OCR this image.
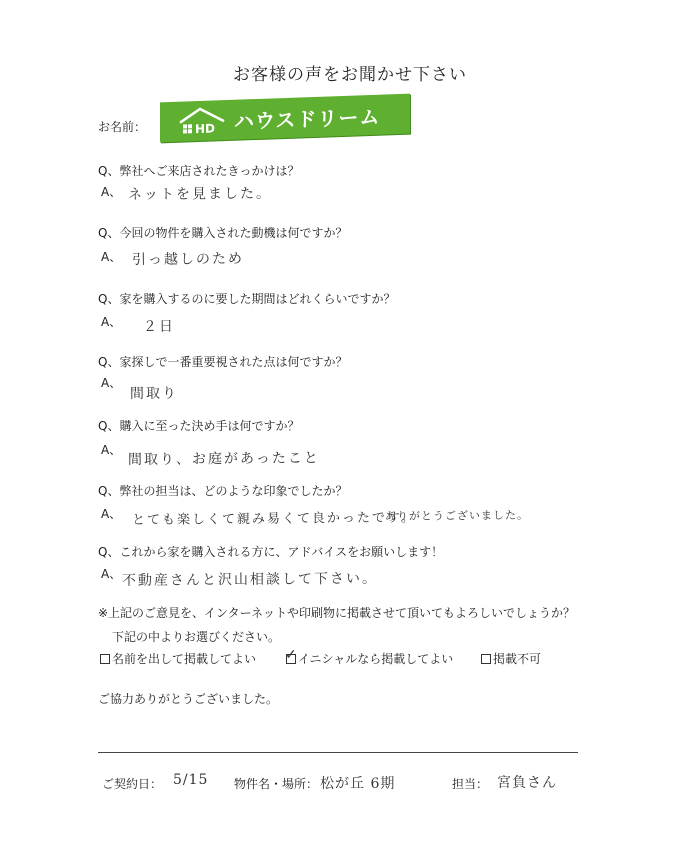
お客様の声をお聞かせ下さい
お名前：	HD ハウスドリーム
Q、弊社へご来店されたきっかけは？
A、 ネットを見ました。
Q、今回の物件を購入された動機は何ですか？
A、 引っ越しのため
Q、家を購入するのに要した期間はどれくらいですか？
A、 ２日
Q、家探しで一番重要視された点は何ですか？
A、
間取り
Q、購入に至った決め手は何ですか？
A、
間取り、お庭があったこと
Q、弊社の担当は、どのような印象でしたか？
A、 とても楽しくて親み易くて良かったです。
ありがとうございました。
Q、これから家を購入される方に、アドバイスをお願いします！
A、 不動産さんと沢山相談して下さい。
※上記のご意見を、インターネットや印刷物に掲載させて頂いてもよろしいでしょうか？
下記の中よりお選びください。
名前を出して掲載してよい ✓ イニシャルなら掲載してよい	掲載不可
ご協力ありがとうございました。
ご契約日： 5/15 物件名・場所： 松が丘 6期	担当： 宮負さん
